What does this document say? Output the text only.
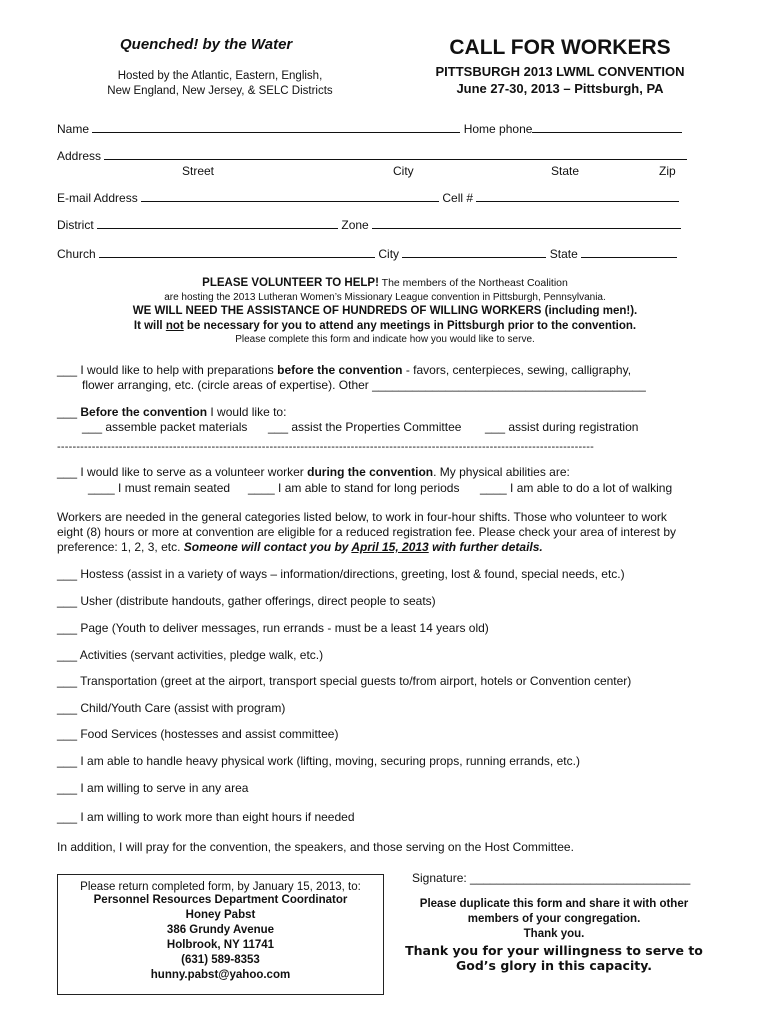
Quenched! by the Water
Hosted by the Atlantic, Eastern, English,
New England, New Jersey, & SELC Districts
CALL FOR WORKERS
PITTSBURGH 2013 LWML CONVENTION
June 27-30, 2013 – Pittsburgh, PA
Name	Home phone
Address
Street	City	State	Zip
E-mail Address	Cell #
District	Zone
Church	City	State
PLEASE VOLUNTEER TO HELP! The members of the Northeast Coalition
are hosting the 2013 Lutheran Women’s Missionary League convention in Pittsburgh, Pennsylvania.
WE WILL NEED THE ASSISTANCE OF HUNDREDS OF WILLING WORKERS (including men!).
It will not be necessary for you to attend any meetings in Pittsburgh prior to the convention.
Please complete this form and indicate how you would like to serve.
___ I would like to help with preparations before the convention - favors, centerpieces, sewing, calligraphy,
flower arranging, etc. (circle areas of expertise). Other _________________________________________
___ Before the convention I would like to:
___ assemble packet materials ___ assist the Properties Committee ___ assist during registration
-------------------------------------------------------------------------------------------------------------------------------------------
___ I would like to serve as a volunteer worker during the convention. My physical abilities are:
____ I must remain seated ____ I am able to stand for long periods ____ I am able to do a lot of walking
Workers are needed in the general categories listed below, to work in four-hour shifts. Those who volunteer to work
eight (8) hours or more at convention are eligible for a reduced registration fee. Please check your area of interest by
preference: 1, 2, 3, etc. Someone will contact you by April 15, 2013 with further details.
___ Hostess (assist in a variety of ways – information/directions, greeting, lost & found, special needs, etc.)
___ Usher (distribute handouts, gather offerings, direct people to seats)
___ Page (Youth to deliver messages, run errands - must be a least 14 years old)
___ Activities (servant activities, pledge walk, etc.)
___ Transportation (greet at the airport, transport special guests to/from airport, hotels or Convention center)
___ Child/Youth Care (assist with program)
___ Food Services (hostesses and assist committee)
___ I am able to handle heavy physical work (lifting, moving, securing props, running errands, etc.)
___ I am willing to serve in any area
___ I am willing to work more than eight hours if needed
In addition, I will pray for the convention, the speakers, and those serving on the Host Committee.
Please return completed form, by January 15, 2013, to:
Personnel Resources Department Coordinator
Honey Pabst
386 Grundy Avenue
Holbrook, NY 11741
(631) 589-8353
hunny.pabst@yahoo.com
Signature: _________________________________
Please duplicate this form and share it with other
members of your congregation.
Thank you.
Thank you for your willingness to serve to
God’s glory in this capacity.
